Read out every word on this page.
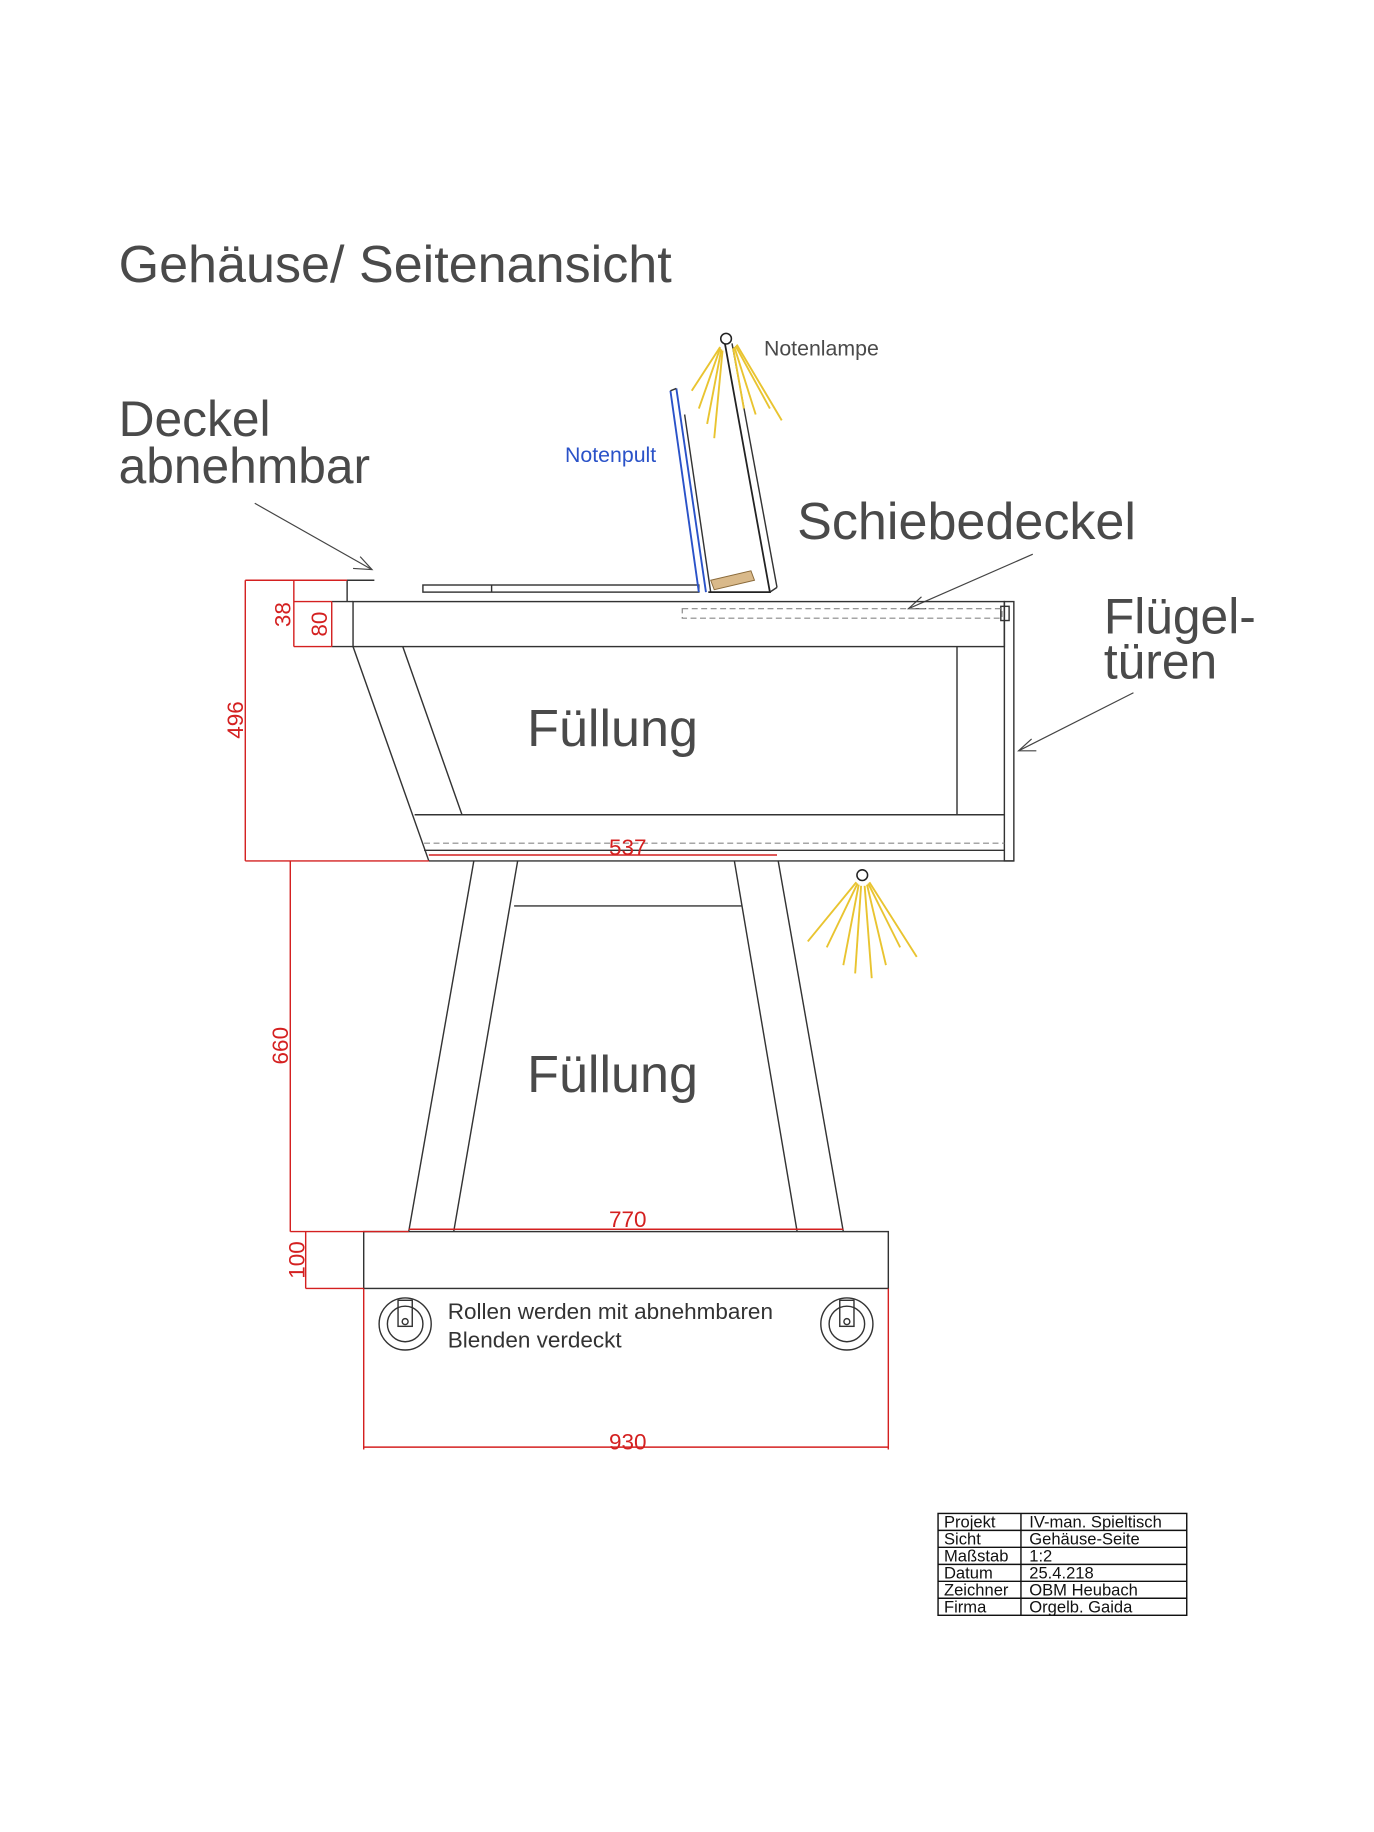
Gehäuse/ Seitenansicht
Deckel
abnehmbar
Notenlampe
Notenpult
Schiebedeckel
Flügel-
türen
Füllung
Füllung
Rollen werden mit abnehmbaren
Blenden verdeckt
38 80
496
537
660
770
100
930
Projekt IV-man. Spieltisch
Sicht	Gehäuse-Seite
Maßstab 1:2
Datum	25.4.218
Zeichner OBM Heubach
Firma	Orgelb. Gaida
